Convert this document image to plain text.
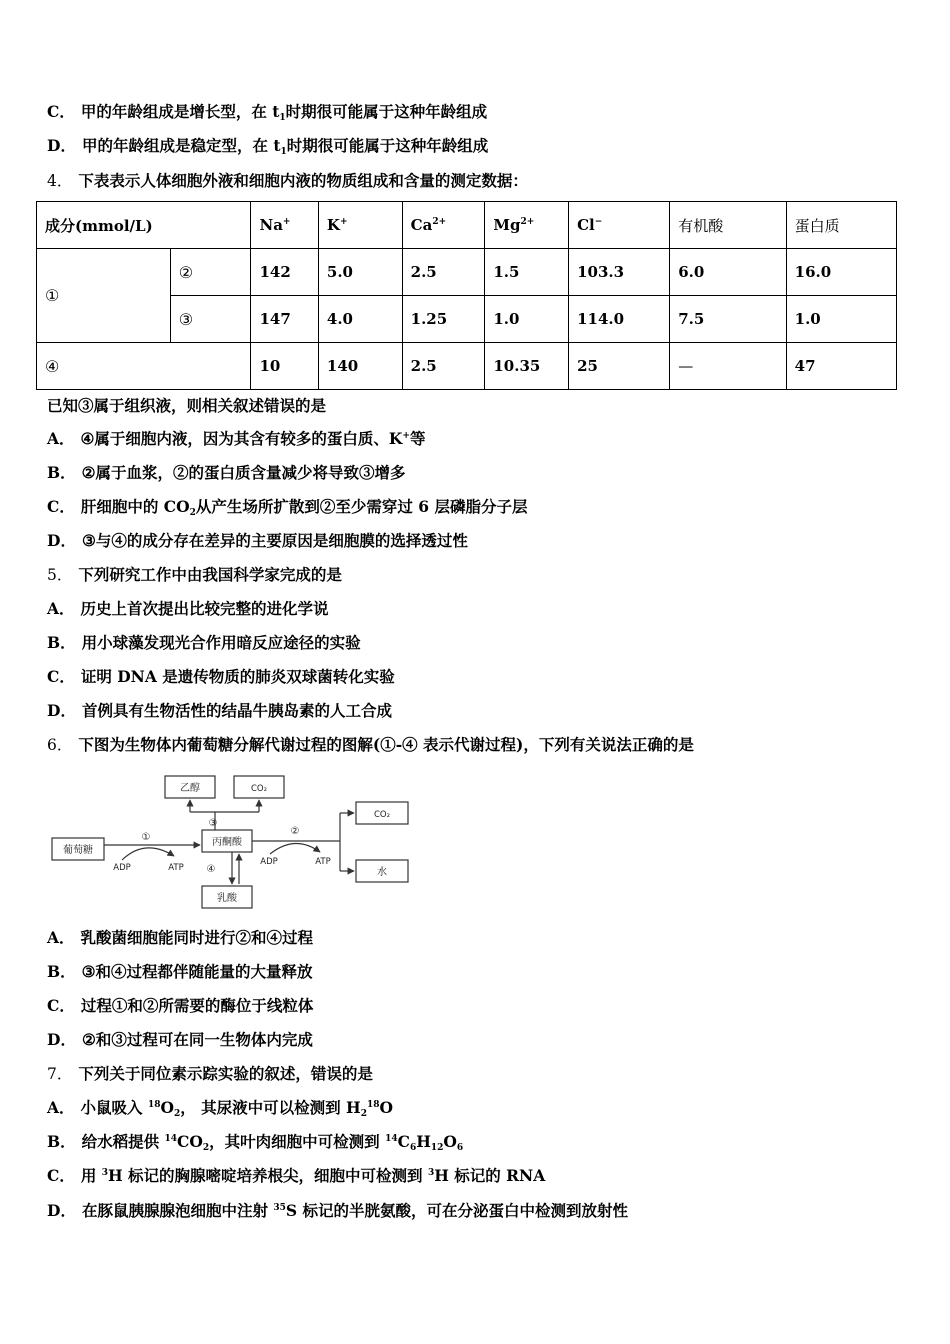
C． 甲的年龄组成是增长型，在 $t_1$时期很可能属于这种年龄组成
D． 甲的年龄组成是稳定型，在 $t_1$时期很可能属于这种年龄组成
4． 下表表示人体细胞外液和细胞内液的物质组成和含量的测定数据：
成分(mmol/L)		Na+	K+	$Ca^{2+}$	$Mg^{2+}$	Cl−	有机酸	蛋白质
①	②	142	5.0	2.5	1.5	103.3	6.0	16.0
	③	147	4.0	1.25	1.0	114.0	7.5	1.0
④		10	140	2.5	10.35	25	—	47
已知③属于组织液，则相关叙述错误的是
A． ④属于细胞内液，因为其含有较多的蛋白质、K+等
B． ②属于血浆，②的蛋白质含量减少将导致③增多
C． 肝细胞中的 $CO_2$从产生场所扩散到②至少需穿过 6 层磷脂分子层
D． ③与④的成分存在差异的主要原因是细胞膜的选择透过性
5． 下列研究工作中由我国科学家完成的是
A． 历史上首次提出比较完整的进化学说
B． 用小球藻发现光合作用暗反应途径的实验
C． 证明 DNA 是遗传物质的肺炎双球菌转化实验
D． 首例具有生物活性的结晶牛胰岛素的人工合成
6． 下图为生物体内葡萄糖分解代谢过程的图解(①-④ 表示代谢过程)，下列有关说法正确的是
葡萄糖
丙酮酸
乙醇	CO₂
CO₂
水
乳酸
①
ADP	ATP
③
④
②
ADP	ATP
A． 乳酸菌细胞能同时进行②和④过程
B． ③和④过程都伴随能量的大量释放
C． 过程①和②所需要的酶位于线粒体
D． ②和③过程可在同一生物体内完成
7． 下列关于同位素示踪实验的叙述，错误的是
A． 小鼠吸入 $^{18}O_2$， 其尿液中可以检测到 $H_2^{18}O$
B． 给水稻提供 $^{14}CO_2$，其叶肉细胞中可检测到 $^{14}C_6H_{12}O_6$
C． 用 $^3$H 标记的胸腺嘧啶培养根尖，细胞中可检测到 $^3$H 标记的 RNA
D． 在豚鼠胰腺腺泡细胞中注射 $^{35}$S 标记的半胱氨酸，可在分泌蛋白中检测到放射性
